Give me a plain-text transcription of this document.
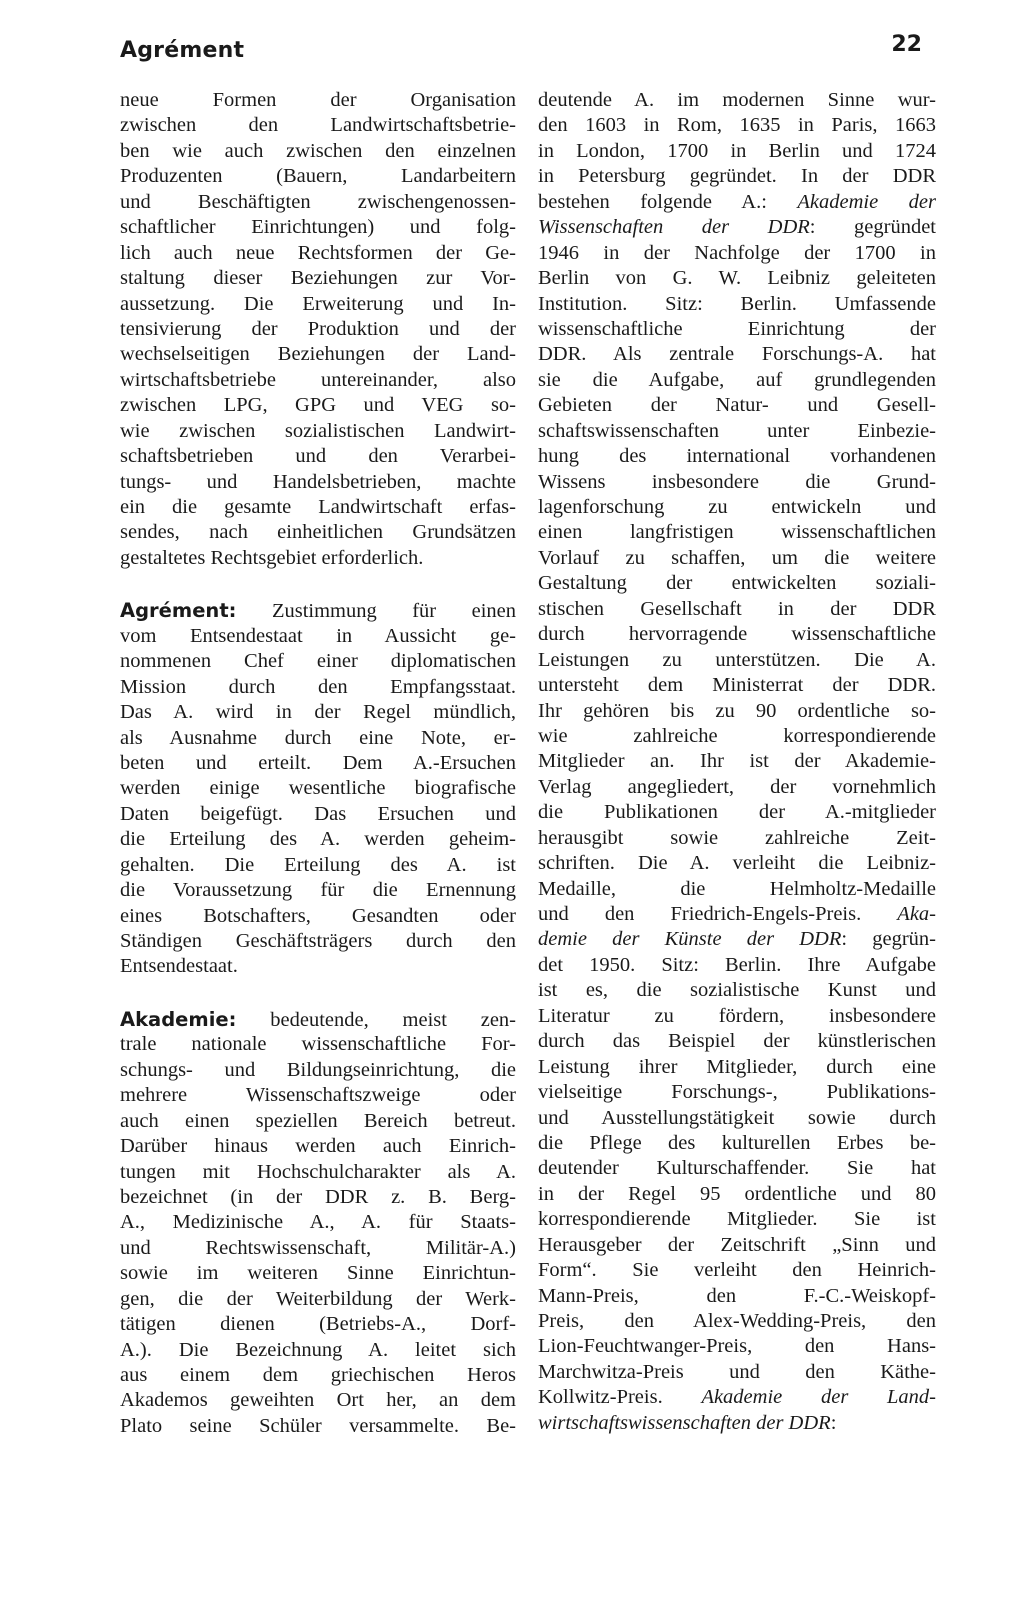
Agrément	22
neue Formen der Organisation
zwischen den Landwirtschaftsbetrie-
ben wie auch zwischen den einzelnen
Produzenten (Bauern, Landarbeitern
und Beschäftigten zwischengenossen-
schaftlicher Einrichtungen) und folg-
lich auch neue Rechtsformen der Ge-
staltung dieser Beziehungen zur Vor-
aussetzung. Die Erweiterung und In-
tensivierung der Produktion und der
wechselseitigen Beziehungen der Land-
wirtschaftsbetriebe untereinander, also
zwischen LPG, GPG und VEG so-
wie zwischen sozialistischen Landwirt-
schaftsbetrieben und den Verarbei-
tungs- und Handelsbetrieben, machte
ein die gesamte Landwirtschaft erfas-
sendes, nach einheitlichen Grundsätzen
gestaltetes Rechtsgebiet erforderlich.
Agrément: Zustimmung für einen
vom Entsendestaat in Aussicht ge-
nommenen Chef einer diplomatischen
Mission durch den Empfangsstaat.
Das A. wird in der Regel mündlich,
als Ausnahme durch eine Note, er-
beten und erteilt. Dem A.-Ersuchen
werden einige wesentliche biografische
Daten beigefügt. Das Ersuchen und
die Erteilung des A. werden geheim-
gehalten. Die Erteilung des A. ist
die Voraussetzung für die Ernennung
eines Botschafters, Gesandten oder
Ständigen Geschäftsträgers durch den
Entsendestaat.
Akademie: bedeutende, meist zen-
trale nationale wissenschaftliche For-
schungs- und Bildungseinrichtung, die
mehrere Wissenschaftszweige oder
auch einen speziellen Bereich betreut.
Darüber hinaus werden auch Einrich-
tungen mit Hochschulcharakter als A.
bezeichnet (in der DDR z. B. Berg-
A., Medizinische A., A. für Staats-
und Rechtswissenschaft, Militär-A.)
sowie im weiteren Sinne Einrichtun-
gen, die der Weiterbildung der Werk-
tätigen dienen (Betriebs-A., Dorf-
A.). Die Bezeichnung A. leitet sich
aus einem dem griechischen Heros
Akademos geweihten Ort her, an dem
Plato seine Schüler versammelte. Be-
deutende A. im modernen Sinne wur-
den 1603 in Rom, 1635 in Paris, 1663
in London, 1700 in Berlin und 1724
in Petersburg gegründet. In der DDR
bestehen folgende A.: Akademie der
Wissenschaften der DDR: gegründet
1946 in der Nachfolge der 1700 in
Berlin von G. W. Leibniz geleiteten
Institution. Sitz: Berlin. Umfassende
wissenschaftliche Einrichtung der
DDR. Als zentrale Forschungs-A. hat
sie die Aufgabe, auf grundlegenden
Gebieten der Natur- und Gesell-
schaftswissenschaften unter Einbezie-
hung des international vorhandenen
Wissens insbesondere die Grund-
lagenforschung zu entwickeln und
einen langfristigen wissenschaftlichen
Vorlauf zu schaffen, um die weitere
Gestaltung der entwickelten soziali-
stischen Gesellschaft in der DDR
durch hervorragende wissenschaftliche
Leistungen zu unterstützen. Die A.
untersteht dem Ministerrat der DDR.
Ihr gehören bis zu 90 ordentliche so-
wie zahlreiche korrespondierende
Mitglieder an. Ihr ist der Akademie-
Verlag angegliedert, der vornehmlich
die Publikationen der A.-mitglieder
herausgibt sowie zahlreiche Zeit-
schriften. Die A. verleiht die Leibniz-
Medaille, die Helmholtz-Medaille
und den Friedrich-Engels-Preis. Aka-
demie der Künste der DDR: gegrün-
det 1950. Sitz: Berlin. Ihre Aufgabe
ist es, die sozialistische Kunst und
Literatur zu fördern, insbesondere
durch das Beispiel der künstlerischen
Leistung ihrer Mitglieder, durch eine
vielseitige Forschungs-, Publikations-
und Ausstellungstätigkeit sowie durch
die Pflege des kulturellen Erbes be-
deutender Kulturschaffender. Sie hat
in der Regel 95 ordentliche und 80
korrespondierende Mitglieder. Sie ist
Herausgeber der Zeitschrift „Sinn und
Form“. Sie verleiht den Heinrich-
Mann-Preis, den F.-C.-Weiskopf-
Preis, den Alex-Wedding-Preis, den
Lion-Feuchtwanger-Preis, den Hans-
Marchwitza-Preis und den Käthe-
Kollwitz-Preis. Akademie der Land-
wirtschaftswissenschaften der DDR:
